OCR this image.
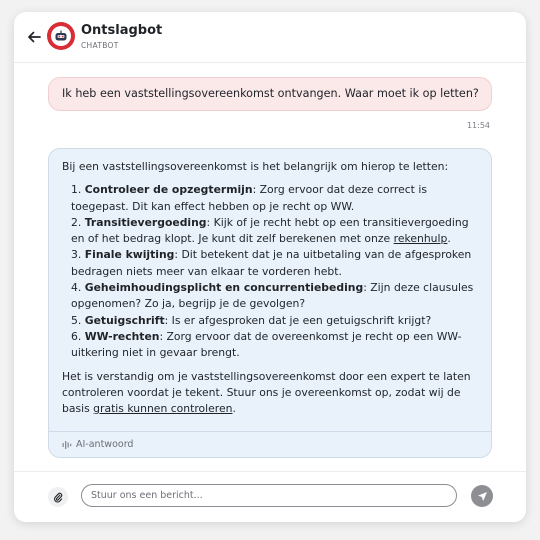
Ontslagbot
CHATBOT
Ik heb een vaststellingsovereenkomst ontvangen. Waar moet ik op letten?
11:54

Bij een vaststellingsovereenkomst is het belangrijk om hierop te letten:

1. Controleer de opzegtermijn: Zorg ervoor dat deze correct is toegepast. Dit kan effect hebben op je recht op WW.
2. Transitievergoeding: Kijk of je recht hebt op een transitievergoeding en of het bedrag klopt. Je kunt dit zelf berekenen met onze rekenhulp.
3. Finale kwijting: Dit betekent dat je na uitbetaling van de afgesproken bedragen niets meer van elkaar te vorderen hebt.
4. Geheimhoudingsplicht en concurrentiebeding: Zijn deze clausules opgenomen? Zo ja, begrijp je de gevolgen?
5. Getuigschrift: Is er afgesproken dat je een getuigschrift krijgt?
6. WW-rechten: Zorg ervoor dat de overeenkomst je recht op een WW-uitkering niet in gevaar brengt.

Het is verstandig om je vaststellingsovereenkomst door een expert te laten controleren voordat je tekent. Stuur ons je overeenkomst op, zodat wij de basis gratis kunnen controleren.

AI-antwoord
Stuur ons een bericht...
